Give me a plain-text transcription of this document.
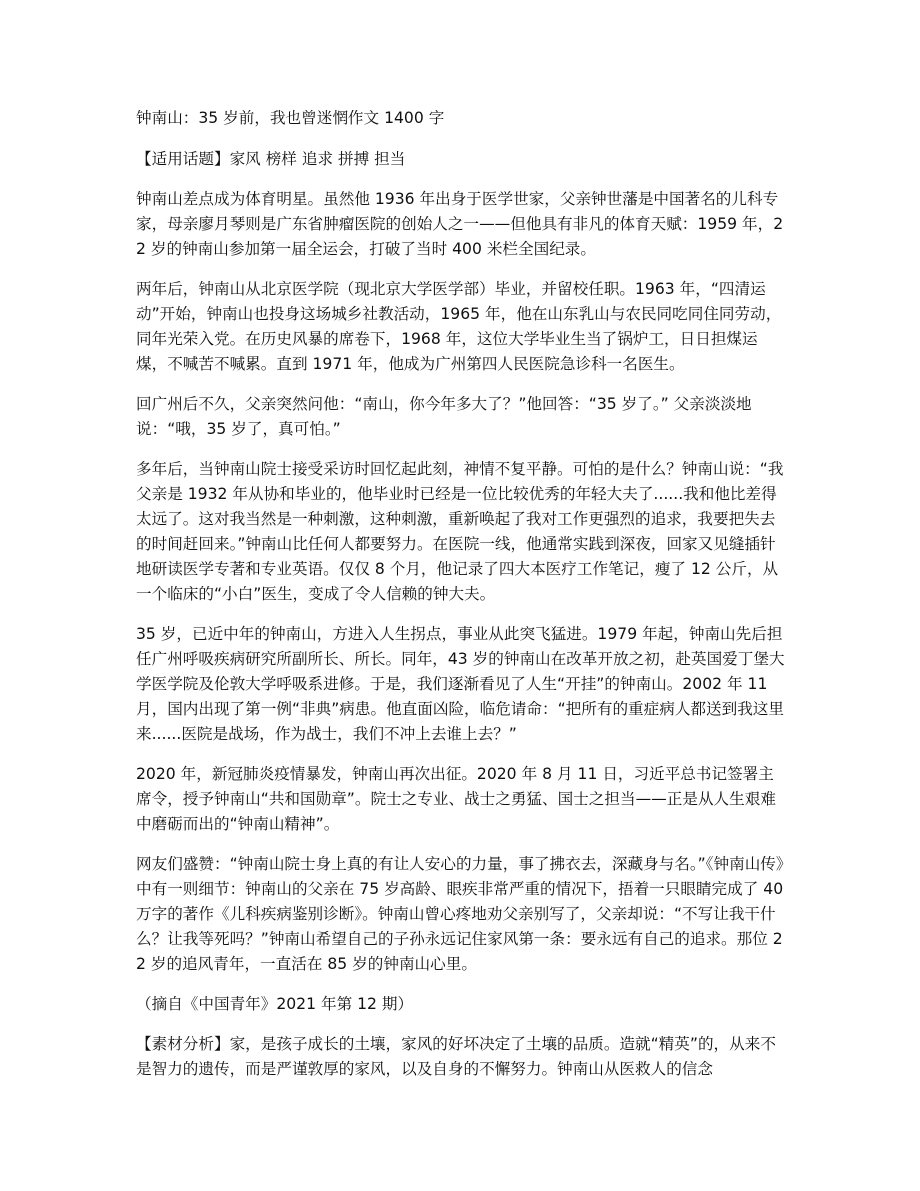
钟南山：35 岁前，我也曾迷惘作文 1400 字

【适用话题】家风 榜样 追求 拼搏 担当

钟南山差点成为体育明星。虽然他 1936 年出身于医学世家，父亲钟世藩是中国著名的儿科专家，母亲廖月琴则是广东省肿瘤医院的创始人之一——但他具有非凡的体育天赋：1959 年，22 岁的钟南山参加第一届全运会，打破了当时 400 米栏全国纪录。

两年后，钟南山从北京医学院（现北京大学医学部）毕业，并留校任职。1963 年，“四清运动”开始，钟南山也投身这场城乡社教活动，1965 年，他在山东乳山与农民同吃同住同劳动，同年光荣入党。在历史风暴的席卷下，1968 年，这位大学毕业生当了锅炉工，日日担煤运煤，不喊苦不喊累。直到 1971 年，他成为广州第四人民医院急诊科一名医生。

回广州后不久，父亲突然问他：“南山，你今年多大了？”他回答：“35 岁了。” 父亲淡淡地说：“哦，35 岁了，真可怕。”

多年后，当钟南山院士接受采访时回忆起此刻，神情不复平静。可怕的是什么？钟南山说：“我父亲是 1932 年从协和毕业的，他毕业时已经是一位比较优秀的年轻大夫了......我和他比差得太远了。这对我当然是一种刺激，这种刺激，重新唤起了我对工作更强烈的追求，我要把失去的时间赶回来。”钟南山比任何人都要努力。在医院一线，他通常实践到深夜，回家又见缝插针地研读医学专著和专业英语。仅仅 8 个月，他记录了四大本医疗工作笔记，瘦了 12 公斤，从一个临床的“小白”医生，变成了令人信赖的钟大夫。

35 岁，已近中年的钟南山，方进入人生拐点，事业从此突飞猛进。1979 年起，钟南山先后担任广州呼吸疾病研究所副所长、所长。同年，43 岁的钟南山在改革开放之初，赴英国爱丁堡大学医学院及伦敦大学呼吸系进修。于是，我们逐渐看见了人生“开挂”的钟南山。2002 年 11 月，国内出现了第一例“非典”病患。他直面凶险，临危请命：“把所有的重症病人都送到我这里来......医院是战场，作为战士，我们不冲上去谁上去？”

2020 年，新冠肺炎疫情暴发，钟南山再次出征。2020 年 8 月 11 日，习近平总书记签署主席令，授予钟南山“共和国勋章”。院士之专业、战士之勇猛、国士之担当——正是从人生艰难中磨砺而出的“钟南山精神”。

网友们盛赞：“钟南山院士身上真的有让人安心的力量，事了拂衣去，深藏身与名。”《钟南山传》中有一则细节：钟南山的父亲在 75 岁高龄、眼疾非常严重的情况下，捂着一只眼睛完成了 40 万字的著作《儿科疾病鉴别诊断》。钟南山曾心疼地劝父亲别写了，父亲却说：“不写让我干什么？让我等死吗？”钟南山希望自己的子孙永远记住家风第一条：要永远有自己的追求。那位 22 岁的追风青年，一直活在 85 岁的钟南山心里。

（摘自《中国青年》2021 年第 12 期）

【素材分析】家，是孩子成长的土壤，家风的好坏决定了土壤的品质。造就“精英”的，从来不是智力的遗传，而是严谨敦厚的家风，以及自身的不懈努力。钟南山从医救人的信念
